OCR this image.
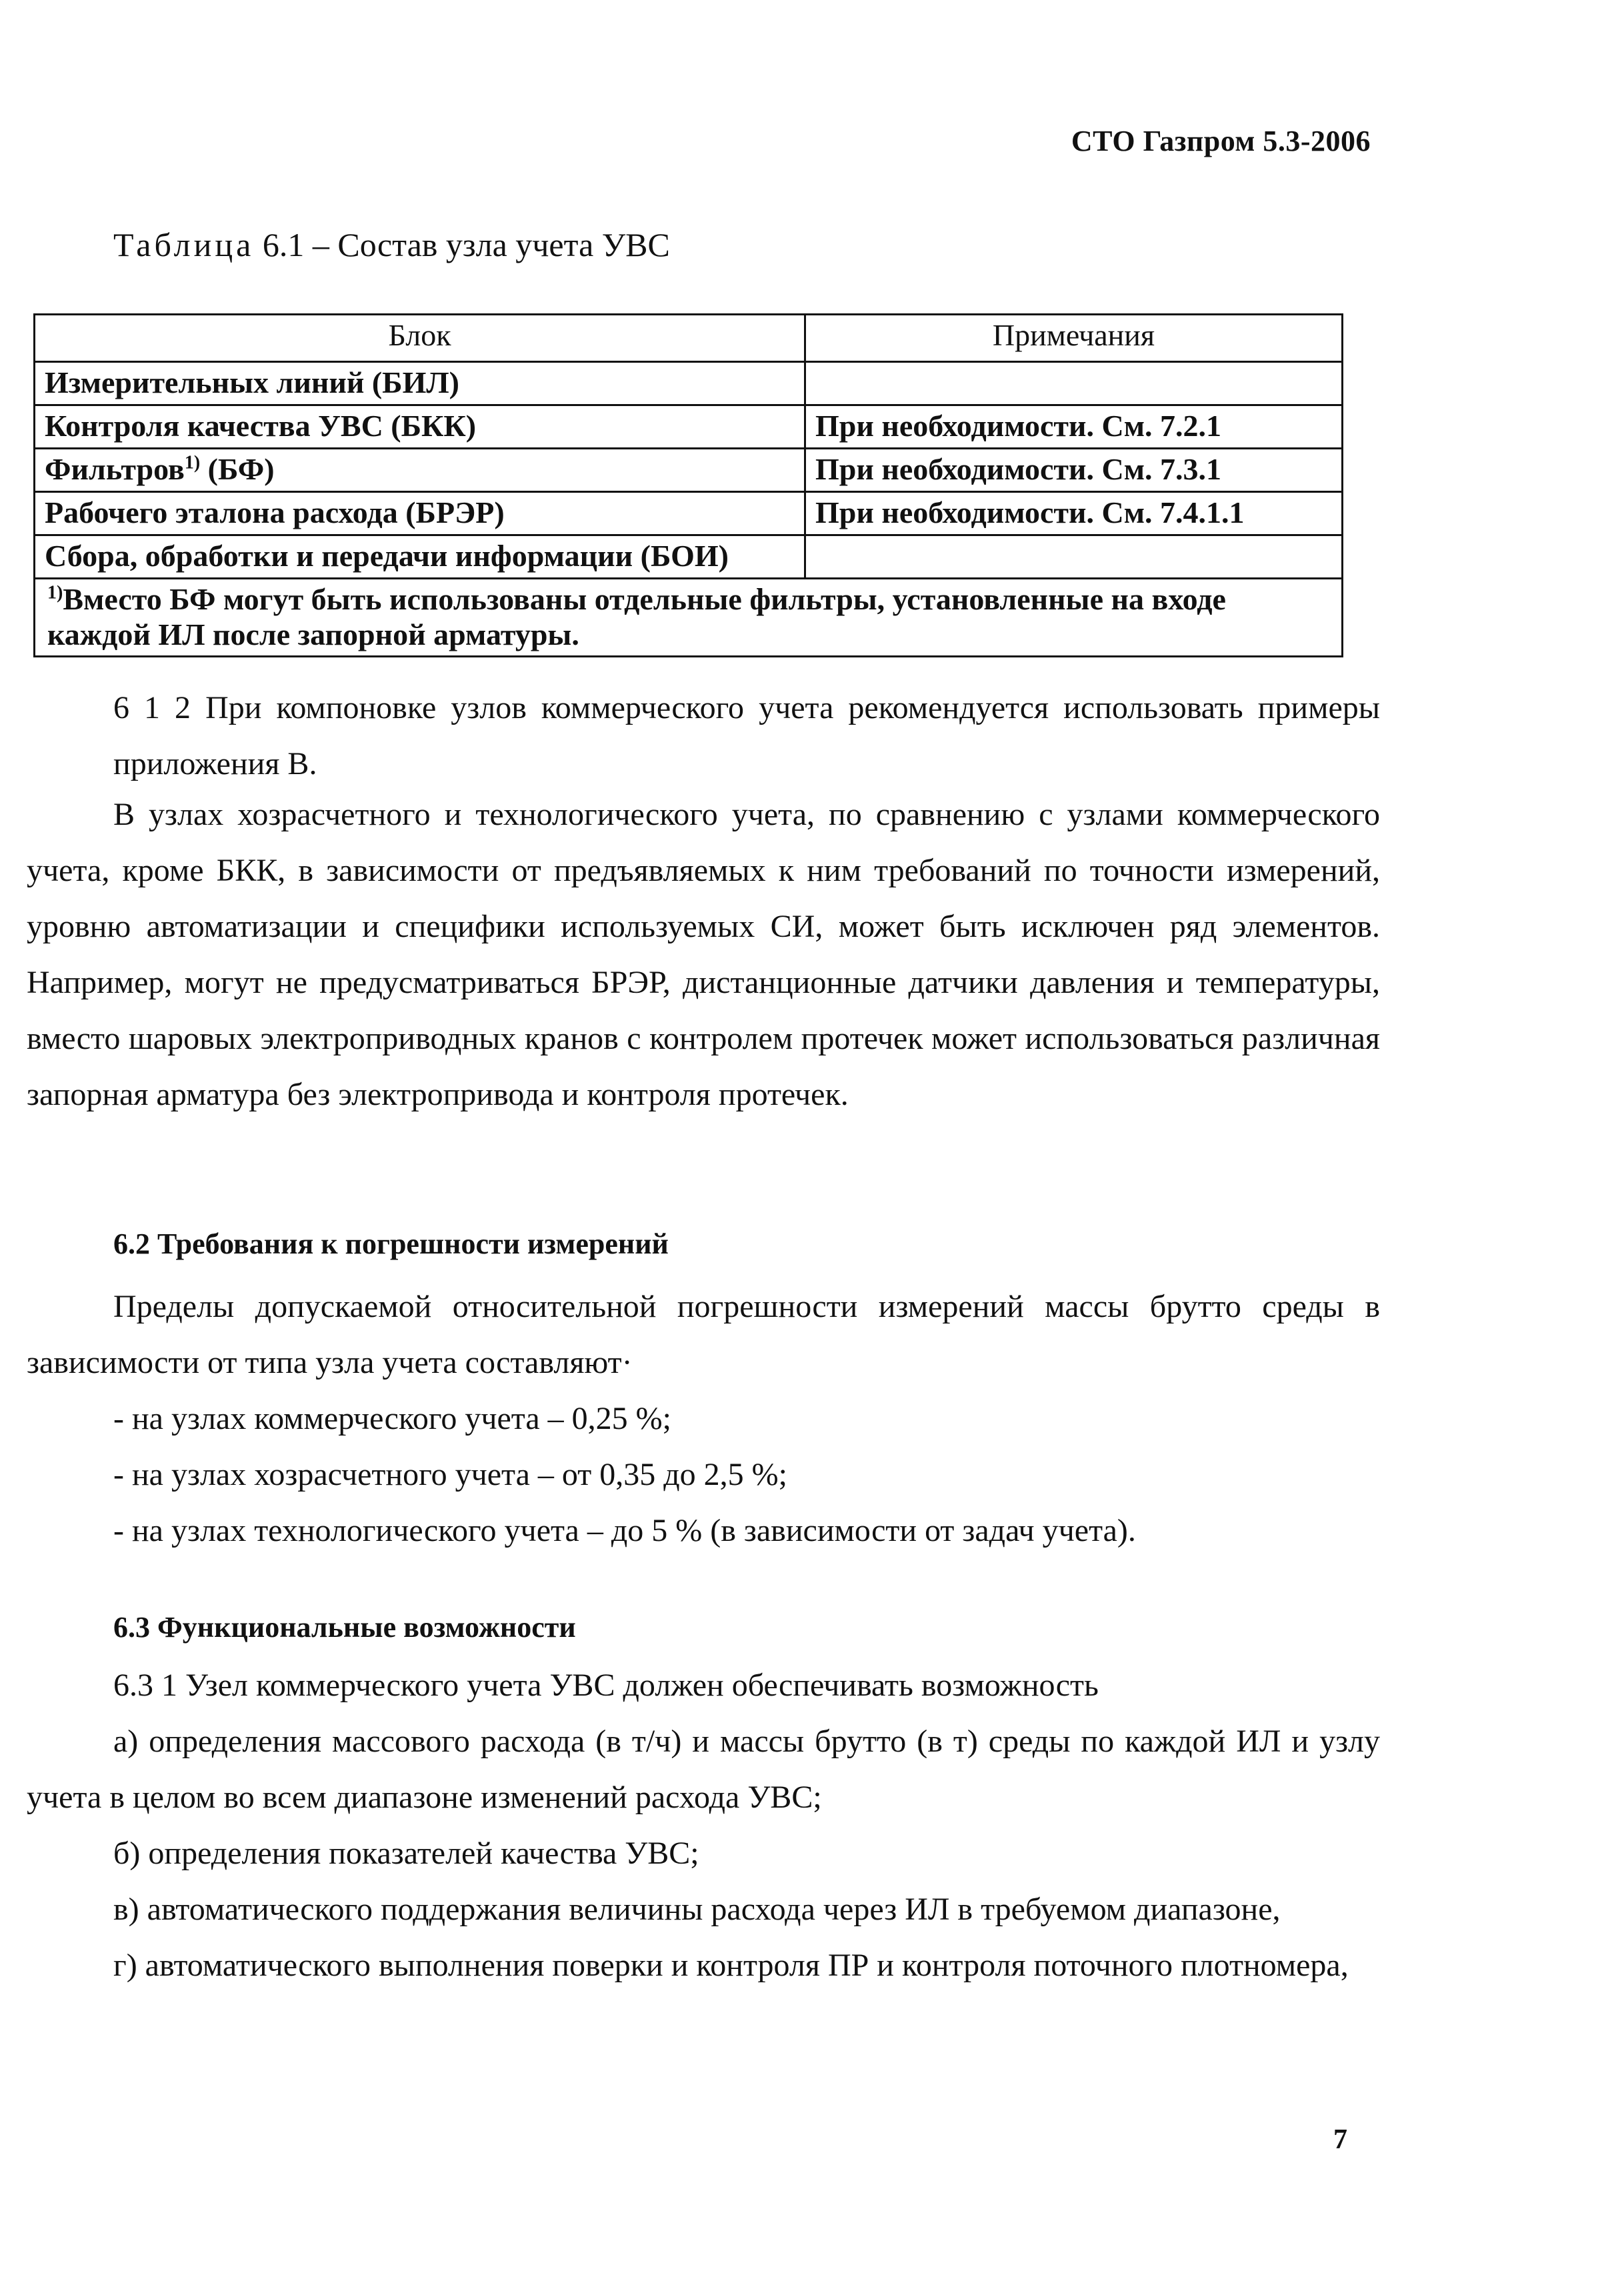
СТО Газпром 5.3-2006
Таблица 6.1 – Состав узла учета УВС
Блок	Примечания
Измерительных линий (БИЛ)	
Контроля качества УВС (БКК)	При необходимости. См. 7.2.1
Фильтров$^{1)}$ (БФ)	При необходимости. См. 7.3.1
Рабочего эталона расхода (БРЭР)	При необходимости. См. 7.4.1.1
Сбора, обработки и передачи информации (БОИ)	
$^{1)}$Вместо БФ могут быть использованы отдельные фильтры, установленные на входе каждой ИЛ после запорной арматуры.	
6 1 2 При компоновке узлов коммерческого учета рекомендуется использовать примеры приложения В.
В узлах хозрасчетного и технологического учета, по сравнению с узлами коммерческого учета, кроме БКК, в зависимости от предъявляемых к ним требований по точности измерений, уровню автоматизации и специфики используемых СИ, может быть исключен ряд элементов. Например, могут не предусматриваться БРЭР, дистанционные датчики давления и температуры, вместо шаровых электроприводных кранов с контролем протечек может использоваться различная запорная арматура без электропривода и контроля протечек.
6.2 Требования к погрешности измерений
Пределы допускаемой относительной погрешности измерений массы брутто среды в зависимости от типа узла учета составляют·
- на узлах коммерческого учета – 0,25 %;
- на узлах хозрасчетного учета – от 0,35 до 2,5 %;
- на узлах технологического учета – до 5 % (в зависимости от задач учета).
6.3 Функциональные возможности
6.3 1 Узел коммерческого учета УВС должен обеспечивать возможность
а) определения массового расхода (в т/ч) и массы брутто (в т) среды по каждой ИЛ и узлу учета в целом во всем диапазоне изменений расхода УВС;
б) определения показателей качества УВС;
в) автоматического поддержания величины расхода через ИЛ в требуемом диапазоне,
г) автоматического выполнения поверки и контроля ПР и контроля поточного плотномера,
7
